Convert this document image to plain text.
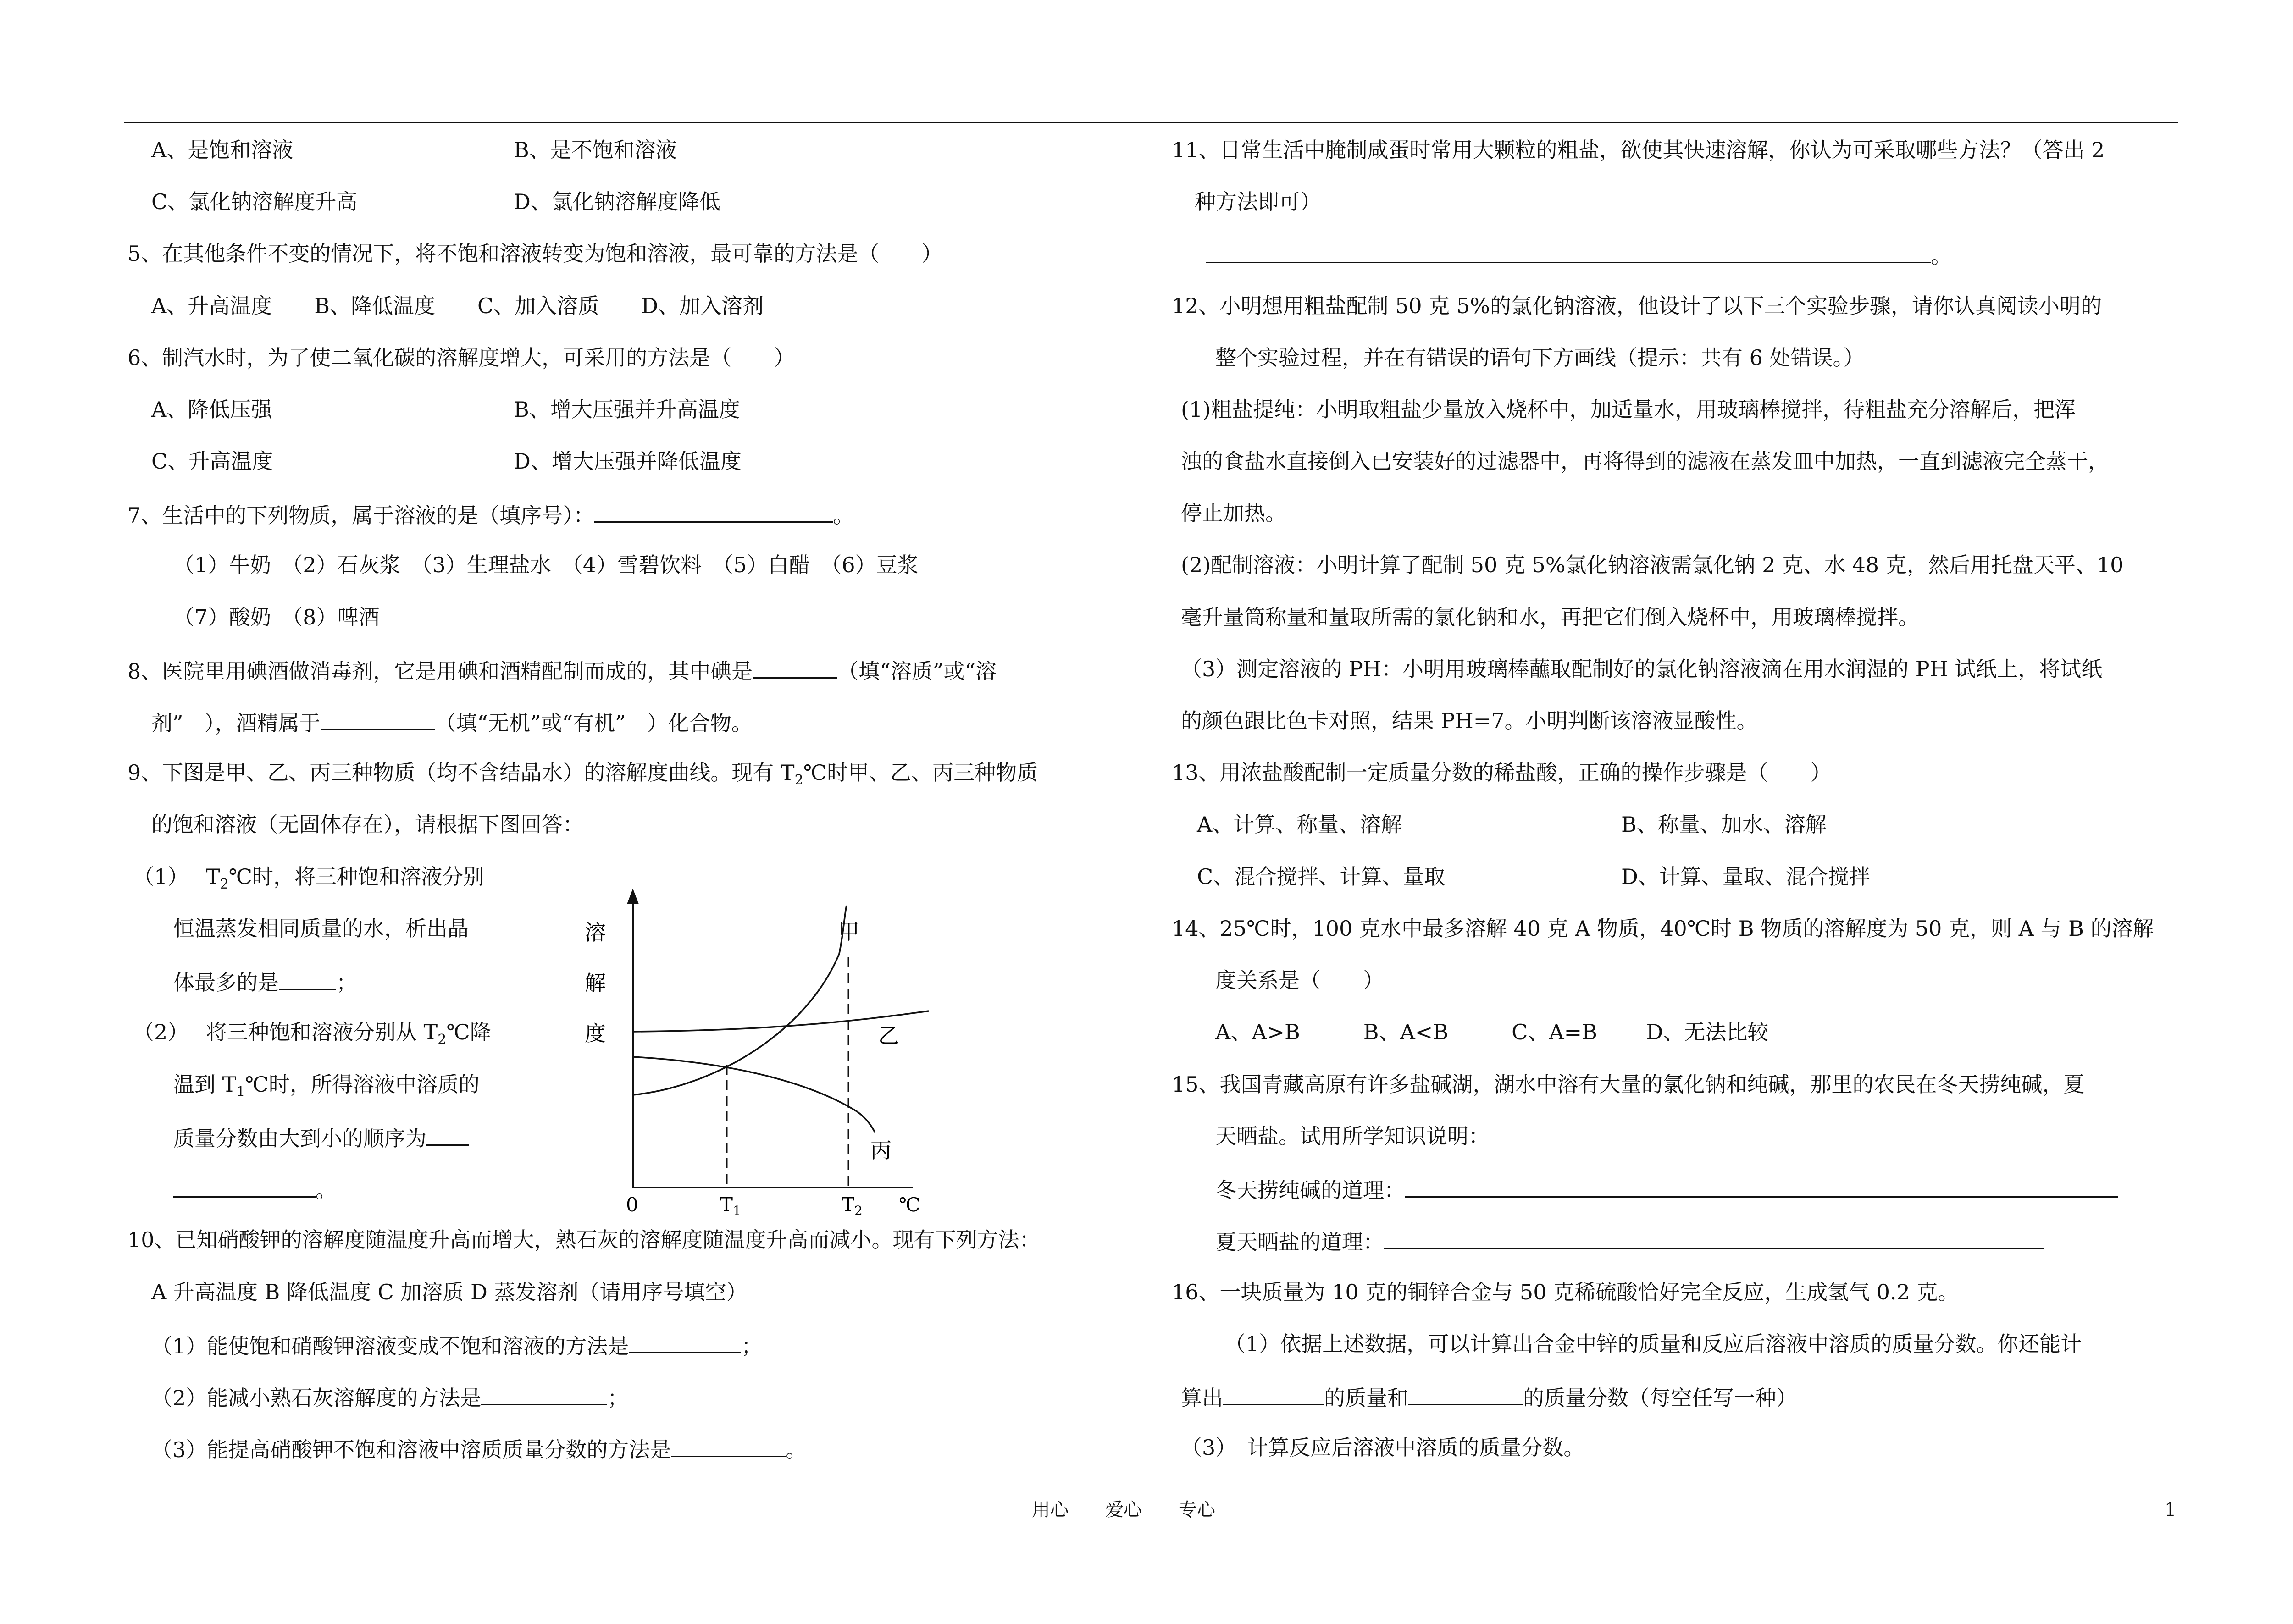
A、是饱和溶液	B、是不饱和溶液
C、氯化钠溶解度升高	D、氯化钠溶解度降低
5、在其他条件不变的情况下，将不饱和溶液转变为饱和溶液，最可靠的方法是（　　）
A、升高温度　　B、降低温度　　C、加入溶质　　D、加入溶剂
6、制汽水时，为了使二氧化碳的溶解度增大，可采用的方法是（　　）
A、降低压强	B、增大压强并升高温度
C、升高温度	D、增大压强并降低温度
7、生活中的下列物质，属于溶液的是（填序号）：	。
（1）牛奶　（2）石灰浆　（3）生理盐水　（4）雪碧饮料　（5）白醋　（6）豆浆
（7）酸奶　（8）啤酒
8、医院里用碘酒做消毒剂，它是用碘和酒精配制而成的，其中碘是	（填“溶质”或“溶
剂”　），酒精属于	（填“无机”或“有机”　）化合物。
9、下图是甲、乙、丙三种物质（均不含结晶水）的溶解度曲线。现有 $T_2℃$时甲、乙、丙三种物质
的饱和溶液（无固体存在），请根据下图回答：
（1）　 $T_2℃$时，将三种饱和溶液分别
恒温蒸发相同质量的水，析出晶
体最多的是	；
（2）　 将三种饱和溶液分别从 $T_2℃$降
温到 $T_1℃$时，所得溶液中溶质的
质量分数由大到小的顺序为
。
溶
解
度
甲
乙
丙
0	T1	T2 ℃
10、已知硝酸钾的溶解度随温度升高而增大，熟石灰的溶解度随温度升高而减小。现有下列方法：
A 升高温度 B 降低温度 C 加溶质 D 蒸发溶剂（请用序号填空）
（1）能使饱和硝酸钾溶液变成不饱和溶液的方法是	；
（2）能减小熟石灰溶解度的方法是	；
（3）能提高硝酸钾不饱和溶液中溶质质量分数的方法是	。
11、日常生活中腌制咸蛋时常用大颗粒的粗盐，欲使其快速溶解，你认为可采取哪些方法？（答出 2
种方法即可）
。
12、小明想用粗盐配制 50 克 5%的氯化钠溶液，他设计了以下三个实验步骤，请你认真阅读小明的
整个实验过程，并在有错误的语句下方画线（提示：共有 6 处错误。）
(1)粗盐提纯：小明取粗盐少量放入烧杯中，加适量水，用玻璃棒搅拌，待粗盐充分溶解后，把浑
浊的食盐水直接倒入已安装好的过滤器中，再将得到的滤液在蒸发皿中加热，一直到滤液完全蒸干，
停止加热。
(2)配制溶液：小明计算了配制 50 克 5%氯化钠溶液需氯化钠 2 克、水 48 克，然后用托盘天平、10
毫升量筒称量和量取所需的氯化钠和水，再把它们倒入烧杯中，用玻璃棒搅拌。
（3）测定溶液的 PH：小明用玻璃棒蘸取配制好的氯化钠溶液滴在用水润湿的 PH 试纸上，将试纸
的颜色跟比色卡对照，结果 PH=7。小明判断该溶液显酸性。
13、用浓盐酸配制一定质量分数的稀盐酸，正确的操作步骤是（　　）
A、计算、称量、溶解	B、称量、加水、溶解
C、混合搅拌、计算、量取	D、计算、量取、混合搅拌
14、25℃时，100 克水中最多溶解 40 克 A 物质，40℃时 B 物质的溶解度为 50 克，则 A 与 B 的溶解
度关系是（　　）
A、A>B　　　B、A<B　　　C、A=B　　 D、无法比较
15、我国青藏高原有许多盐碱湖，湖水中溶有大量的氯化钠和纯碱，那里的农民在冬天捞纯碱，夏
天晒盐。试用所学知识说明：
冬天捞纯碱的道理：
夏天晒盐的道理：
16、一块质量为 10 克的铜锌合金与 50 克稀硫酸恰好完全反应，生成氢气 0.2 克。
（1）依据上述数据，可以计算出合金中锌的质量和反应后溶液中溶质的质量分数。你还能计
算出	的质量和	的质量分数（每空任写一种）
（3）　计算反应后溶液中溶质的质量分数。
用心　　爱心　　专心	1
